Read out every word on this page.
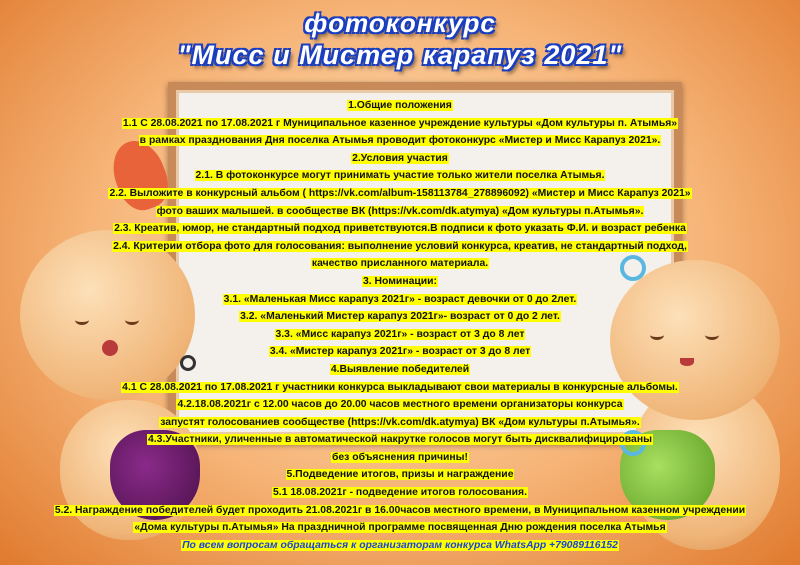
фотоконкурс
"Мисс и Мистер карапуз 2021"
1.Общие положения
1.1 С 28.08.2021 по 17.08.2021 г Муниципальное казенное учреждение культуры «Дом культуры п. Атымья»
в рамках празднования Дня поселка Атымья проводит фотоконкурс «Мистер и Мисс Карапуз 2021».
2.Условия участия
2.1. В фотоконкурсе могут принимать участие только жители поселка Атымья.
2.2. Выложите в конкурсный альбом ( https://vk.com/album-158113784_278896092) «Мистер и Мисс Карапуз 2021»
фото ваших малышей. в сообществе ВК (https://vk.com/dk.atymya) «Дом культуры п.Атымья».
2.3. Креатив, юмор, не стандартный подход приветствуются.В подписи к фото указать Ф.И. и возраст ребенка
2.4. Критерии отбора фото для голосования: выполнение условий конкурса, креатив, не стандартный подход,
качество присланного материала.
3. Номинации:
3.1. «Маленькая Мисс карапуз 2021г» - возраст девочки от 0 до 2лет.
3.2. «Маленький Мистер карапуз 2021г»- возраст от 0 до 2 лет.
3.3. «Мисс карапуз 2021г» - возраст от 3 до 8 лет
3.4. «Мистер карапуз 2021г» - возраст от 3 до 8 лет
4.Выявление победителей
4.1 С 28.08.2021 по 17.08.2021 г участники конкурса выкладывают свои материалы в конкурсные альбомы.
4.2.18.08.2021г с 12.00 часов до 20.00 часов местного времени организаторы конкурса
запустят голосованиев сообществе (https://vk.com/dk.atymya) ВК «Дом культуры п.Атымья».
4.3.Участники, уличенные в автоматической накрутке голосов могут быть дисквалифицированы
без объяснения причины!
5.Подведение итогов, призы и награждение
5.1 18.08.2021г - подведение итогов голосования.
5.2. Награждение победителей будет проходить 21.08.2021г в 16.00часов местного времени, в Муниципальном казенном учреждении
«Дома культуры п.Атымья» На праздничной программе посвященная Дню рождения поселка Атымья
По всем вопросам обращаться к организаторам конкурса WhatsApp +79089116152
